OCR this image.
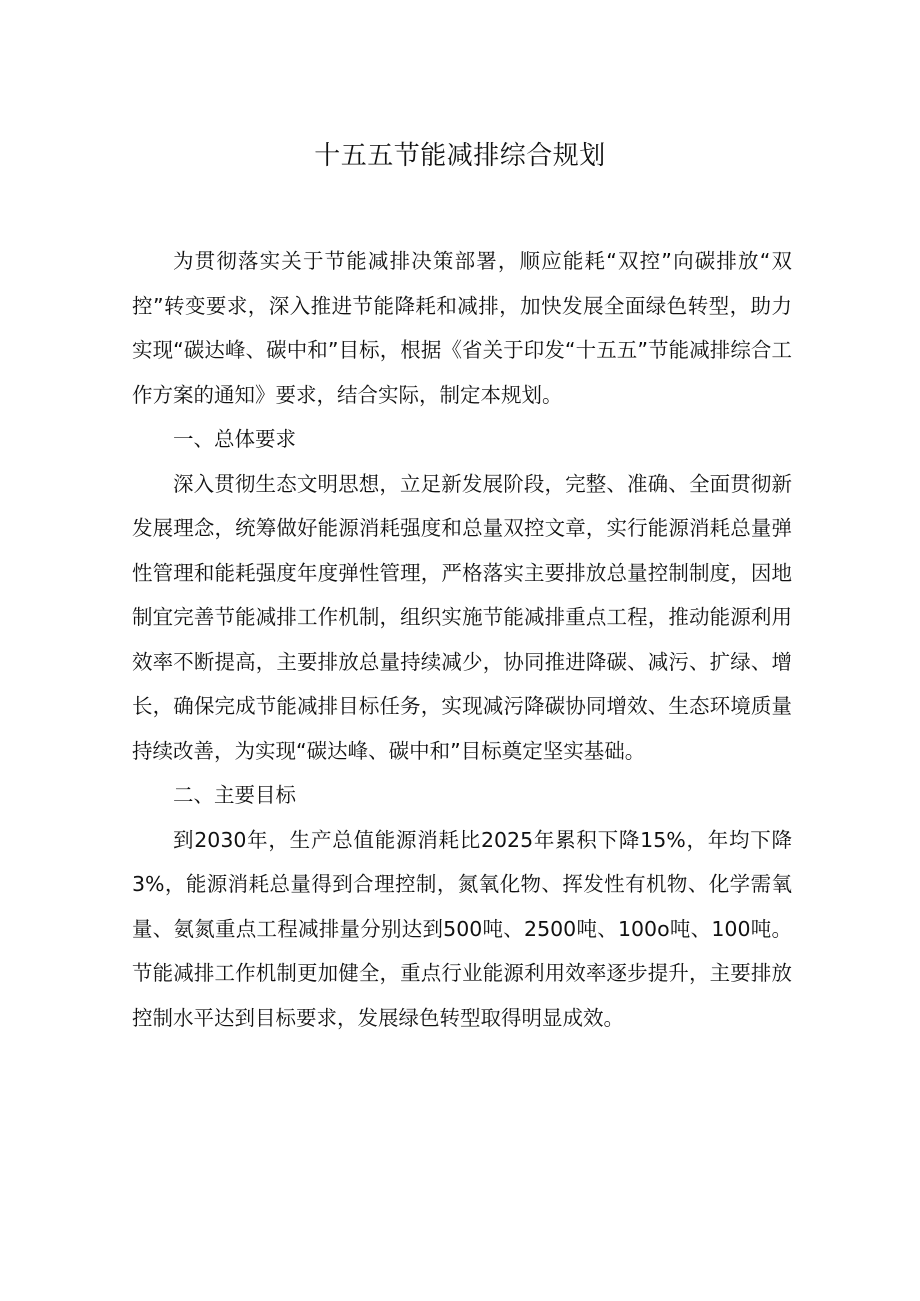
十五五节能减排综合规划

为贯彻落实关于节能减排决策部署，顺应能耗“双控”向碳排放“双控”转变要求，深入推进节能降耗和减排，加快发展全面绿色转型，助力实现“碳达峰、碳中和”目标，根据《省关于印发“十五五”节能减排综合工作方案的通知》要求，结合实际，制定本规划。

一、总体要求

深入贯彻生态文明思想，立足新发展阶段，完整、准确、全面贯彻新发展理念，统筹做好能源消耗强度和总量双控文章，实行能源消耗总量弹性管理和能耗强度年度弹性管理，严格落实主要排放总量控制制度，因地制宜完善节能减排工作机制，组织实施节能减排重点工程，推动能源利用效率不断提高，主要排放总量持续减少，协同推进降碳、减污、扩绿、增长，确保完成节能减排目标任务，实现减污降碳协同增效、生态环境质量持续改善，为实现“碳达峰、碳中和”目标奠定坚实基础。

二、主要目标

到2030年，生产总值能源消耗比2025年累积下降15%，年均下降3%，能源消耗总量得到合理控制，氮氧化物、挥发性有机物、化学需氧量、氨氮重点工程减排量分别达到500吨、2500吨、100o吨、100吨。节能减排工作机制更加健全，重点行业能源利用效率逐步提升，主要排放控制水平达到目标要求，发展绿色转型取得明显成效。
